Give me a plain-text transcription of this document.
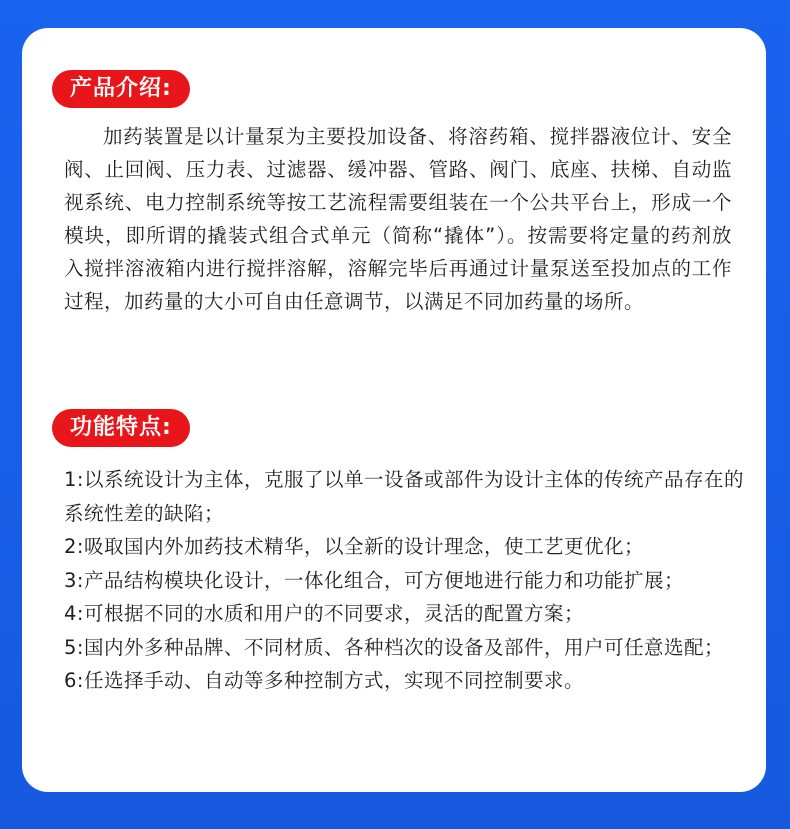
产品介绍:

加药装置是以计量泵为主要投加设备、将溶药箱、搅拌器液位计、安全阀、止回阀、压力表、过滤器、缓冲器、管路、阀门、底座、扶梯、自动监视系统、电力控制系统等按工艺流程需要组装在一个公共平台上，形成一个模块，即所谓的撬装式组合式单元（简称“撬体”）。按需要将定量的药剂放入搅拌溶液箱内进行搅拌溶解，溶解完毕后再通过计量泵送至投加点的工作过程，加药量的大小可自由任意调节，以满足不同加药量的场所。

功能特点:
1:以系统设计为主体，克服了以单一设备或部件为设计主体的传统产品存在的系统性差的缺陷；
2:吸取国内外加药技术精华，以全新的设计理念，使工艺更优化；
3:产品结构模块化设计，一体化组合，可方便地进行能力和功能扩展；
4:可根据不同的水质和用户的不同要求，灵活的配置方案；
5:国内外多种品牌、不同材质、各种档次的设备及部件，用户可任意选配；
6:任选择手动、自动等多种控制方式，实现不同控制要求。
